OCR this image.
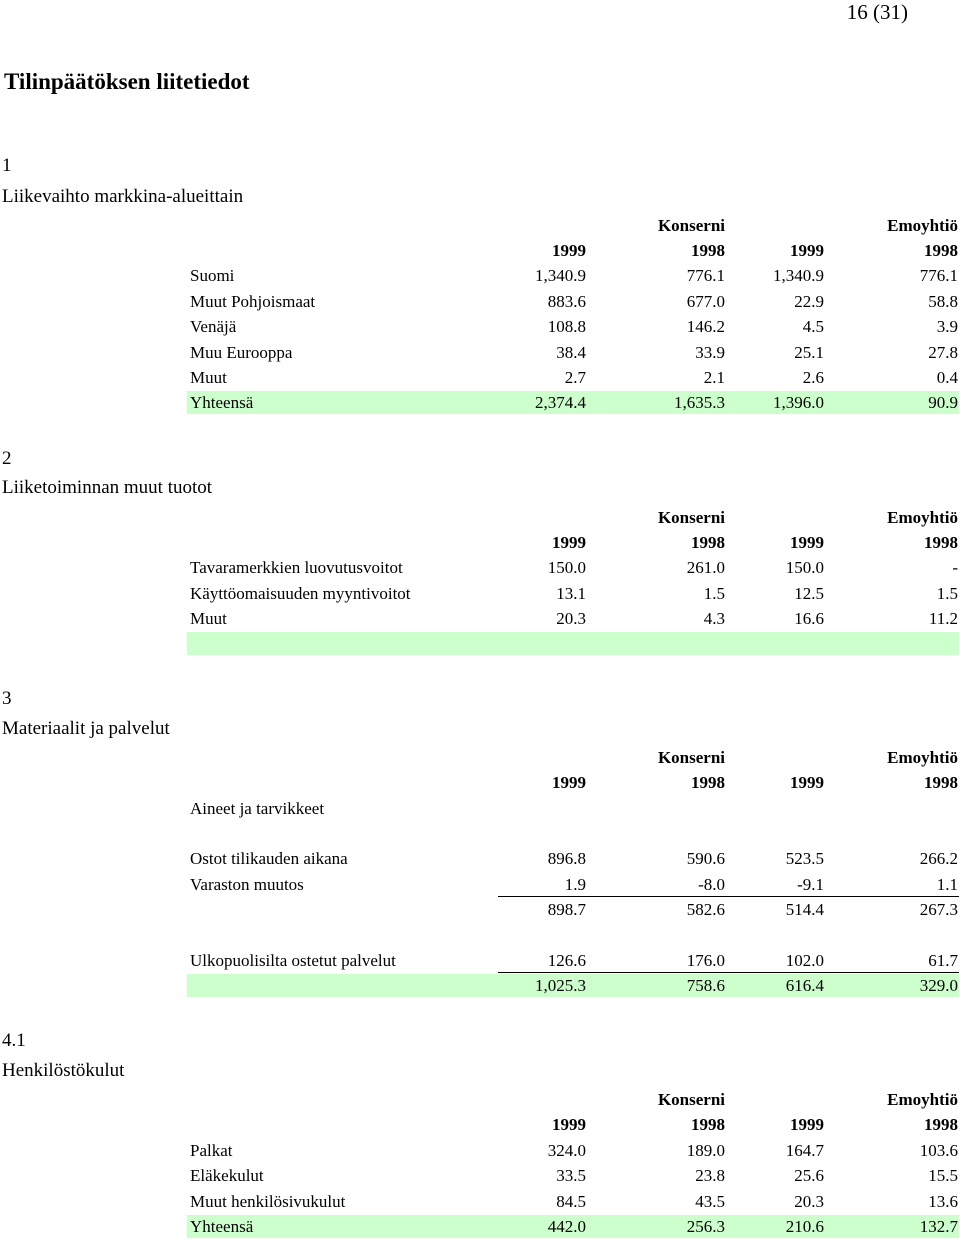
16 (31)
Tilinpäätöksen liitetiedot
1
Liikevaihto markkina-alueittain
Konserni	Emoyhtiö
1999	1998	1999	1998
Suomi	1,340.9	776.1	1,340.9	776.1
Muut Pohjoismaat	883.6	677.0	22.9	58.8
Venäjä	108.8	146.2	4.5	3.9
Muu Eurooppa	38.4	33.9	25.1	27.8
Muut	2.7	2.1	2.6	0.4
Yhteensä	2,374.4	1,635.3	1,396.0	90.9
2
Liiketoiminnan muut tuotot
Konserni	Emoyhtiö
1999	1998	1999	1998
Tavaramerkkien luovutusvoitot	150.0	261.0	150.0	-
Käyttöomaisuuden myyntivoitot	13.1	1.5	12.5	1.5
Muut	20.3	4.3	16.6	11.2
3
Materiaalit ja palvelut
Konserni	Emoyhtiö
1999	1998	1999	1998
Aineet ja tarvikkeet
Ostot tilikauden aikana	896.8	590.6	523.5	266.2
Varaston muutos	1.9	-8.0	-9.1	1.1
898.7	582.6	514.4	267.3
Ulkopuolisilta ostetut palvelut	126.6	176.0	102.0	61.7
1,025.3	758.6	616.4	329.0
4.1
Henkilöstökulut
Konserni	Emoyhtiö
1999	1998	1999	1998
Palkat	324.0	189.0	164.7	103.6
Eläkekulut	33.5	23.8	25.6	15.5
Muut henkilösivukulut	84.5	43.5	20.3	13.6
Yhteensä	442.0	256.3	210.6	132.7
